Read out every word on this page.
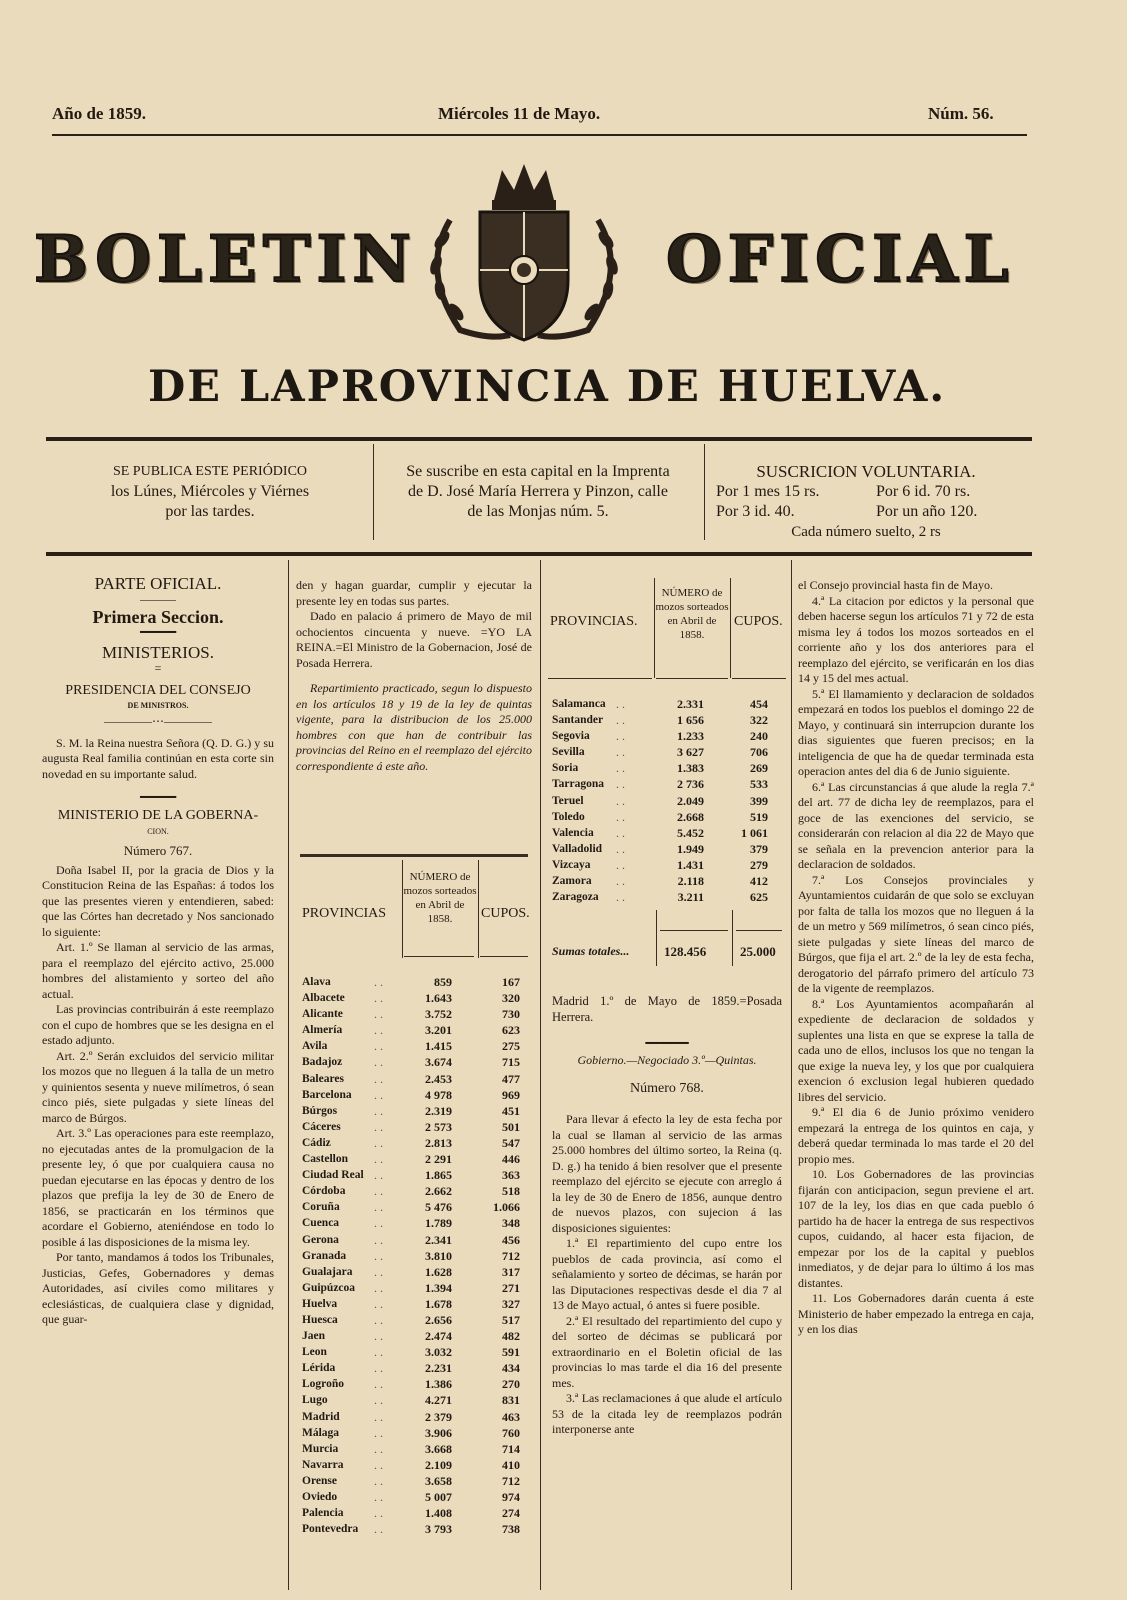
Año de 1859.	Miércoles 11 de Mayo.	Núm. 56.
BOLETIN	OFICIAL
DE LAPROVINCIA DE HUELVA.
SE PUBLICA ESTE PERIÓDICO
los Lúnes, Miércoles y Viérnes
por las tardes.
Se suscribe en esta capital en la Imprenta
de D. José María Herrera y Pinzon, calle
de las Monjas núm. 5.
SUSCRICION VOLUNTARIA.
Por 1 mes 15 rs.	Por 6 id. 70 rs.
Por 3 id. 40.	Por un año 120.
Cada número suelto, 2 rs
PARTE OFICIAL.
———
Primera Seccion.
━━━━━
MINISTERIOS.
=
PRESIDENCIA DEL CONSEJO
DE MINISTROS.
————⋯————

S. M. la Reina nuestra Señora (Q. D. G.) y su augusta Real familia continúan en esta corte sin novedad en su importante salud.

━━━━━
MINISTERIO DE LA GOBERNA-
CION.
Número 767.

Doña Isabel II, por la gracia de Dios y la Constitucion Reina de las Españas: á todos los que las presentes vieren y entendieren, sabed: que las Córtes han decretado y Nos sancionado lo siguiente:

Art. 1.º Se llaman al servicio de las armas, para el reemplazo del ejército activo, 25.000 hombres del alistamiento y sorteo del año actual.

Las provincias contribuirán á este reemplazo con el cupo de hombres que se les designa en el estado adjunto.

Art. 2.º Serán excluidos del servicio militar los mozos que no lleguen á la talla de un metro y quinientos sesenta y nueve milímetros, ó sean cinco piés, siete pulgadas y siete líneas del marco de Búrgos.

Art. 3.º Las operaciones para este reemplazo, no ejecutadas antes de la promulgacion de la presente ley, ó que por cualquiera causa no puedan ejecutarse en las épocas y dentro de los plazos que prefija la ley de 30 de Enero de 1856, se practicarán en los términos que acordare el Gobierno, ateniéndose en todo lo posible á las disposiciones de la misma ley.

Por tanto, mandamos á todos los Tribunales, Justicias, Gefes, Gobernadores y demas Autoridades, así civiles como militares y eclesiásticas, de cualquiera clase y dignidad, que guar-

den y hagan guardar, cumplir y ejecutar la presente ley en todas sus partes.

Dado en palacio á primero de Mayo de mil ochocientos cincuenta y nueve. =YO LA REINA.=El Ministro de la Gobernacion, José de Posada Herrera.

Repartimiento practicado, segun lo dispuesto en los artículos 18 y 19 de la ley de quintas vigente, para la distribucion de los 25.000 hombres con que han de contribuir las provincias del Reino en el reemplazo del ejército correspondiente á este año.

PROVINCIAS
NÚMERO de mozos sorteados en Abril de 1858.	CUPOS.
Alava	. .	859	167
Albacete . .	1.643	320
Alicante	. .	3.752	730
Almería	. .	3.201	623
Avila	. .	1.415	275
Badajoz	. .	3.674	715
Baleares	. .	2.453	477
Barcelona . .	4 978	969
Búrgos	. .	2.319	451
Cáceres	. .	2 573	501
Cádiz	. .	2.813	547
Castellon . .	2 291	446
Ciudad Real . .	1.865	363
Córdoba . .	2.662	518
Coruña	. .	5 476	1.066
Cuenca	. .	1.789	348
Gerona	. .	2.341	456
Granada . .	3.810	712
Gualajara . .	1.628	317
Guipúzcoa . .	1.394	271
Huelva	. .	1.678	327
Huesca	. .	2.656	517
Jaen	. .	2.474	482
Leon	. .	3.032	591
Lérida	. .	2.231	434
Logroño	. .	1.386	270
Lugo	. .	4.271	831
Madrid	. .	2 379	463
Málaga	. .	3.906	760
Murcia	. .	3.668	714
Navarra	. .	2.109	410
Orense	. .	3.658	712
Oviedo	. .	5 007	974
Palencia	. .	1.408	274
Pontevedra . .	3 793	738
PROVINCIAS.
NÚMERO de mozos sorteados en Abril de 1858.
CUPOS.
Salamanca . .	2.331	454
Santander . .	1 656	322
Segovia . .	1.233	240
Sevilla	. .	3 627	706
Soria	. .	1.383	269
Tarragona . .	2 736	533
Teruel	. .	2.049	399
Toledo	. .	2.668	519
Valencia . .	5.452	1 061
Valladolid . .	1.949	379
Vizcaya . .	1.431	279
Zamora . .	2.118	412
Zaragoza . .	3.211	625
Sumas totales...	128.456	25.000

Madrid 1.º de Mayo de 1859.=Posada Herrera.

━━━━━━
Gobierno.—Negociado 3.º—Quintas.
Número 768.

Para llevar á efecto la ley de esta fecha por la cual se llaman al servicio de las armas 25.000 hombres del último sorteo, la Reina (q. D. g.) ha tenido á bien resolver que el presente reemplazo del ejército se ejecute con arreglo á la ley de 30 de Enero de 1856, aunque dentro de nuevos plazos, con sujecion á las disposiciones siguientes:

1.ª El repartimiento del cupo entre los pueblos de cada provincia, así como el señalamiento y sorteo de décimas, se harán por las Diputaciones respectivas desde el dia 7 al 13 de Mayo actual, ó antes si fuere posible.

2.ª El resultado del repartimiento del cupo y del sorteo de décimas se publicará por extraordinario en el Boletin oficial de las provincias lo mas tarde el dia 16 del presente mes.

3.ª Las reclamaciones á que alude el artículo 53 de la citada ley de reemplazos podrán interponerse ante

el Consejo provincial hasta fin de Mayo.

4.ª La citacion por edictos y la personal que deben hacerse segun los artículos 71 y 72 de esta misma ley á todos los mozos sorteados en el corriente año y los dos anteriores para el reemplazo del ejército, se verificarán en los dias 14 y 15 del mes actual.

5.ª El llamamiento y declaracion de soldados empezará en todos los pueblos el domingo 22 de Mayo, y continuará sin interrupcion durante los dias siguientes que fueren precisos; en la inteligencia de que ha de quedar terminada esta operacion antes del dia 6 de Junio siguiente.

6.ª Las circunstancias á que alude la regla 7.ª del art. 77 de dicha ley de reemplazos, para el goce de las exenciones del servicio, se considerarán con relacion al dia 22 de Mayo que se señala en la prevencion anterior para la declaracion de soldados.

7.ª Los Consejos provinciales y Ayuntamientos cuidarán de que solo se excluyan por falta de talla los mozos que no lleguen á la de un metro y 569 milímetros, ó sean cinco piés, siete pulgadas y siete líneas del marco de Búrgos, que fija el art. 2.º de la ley de esta fecha, derogatorio del párrafo primero del artículo 73 de la vigente de reemplazos.

8.ª Los Ayuntamientos acompañarán al expediente de declaracion de soldados y suplentes una lista en que se exprese la talla de cada uno de ellos, inclusos los que no tengan la que exige la nueva ley, y los que por cualquiera exencion ó exclusion legal hubieren quedado libres del servicio.

9.ª El dia 6 de Junio próximo venidero empezará la entrega de los quintos en caja, y deberá quedar terminada lo mas tarde el 20 del propio mes.

10. Los Gobernadores de las provincias fijarán con anticipacion, segun previene el art. 107 de la ley, los dias en que cada pueblo ó partido ha de hacer la entrega de sus respectivos cupos, cuidando, al hacer esta fijacion, de empezar por los de la capital y pueblos inmediatos, y de dejar para lo último á los mas distantes.

11. Los Gobernadores darán cuenta á este Ministerio de haber empezado la entrega en caja, y en los dias
